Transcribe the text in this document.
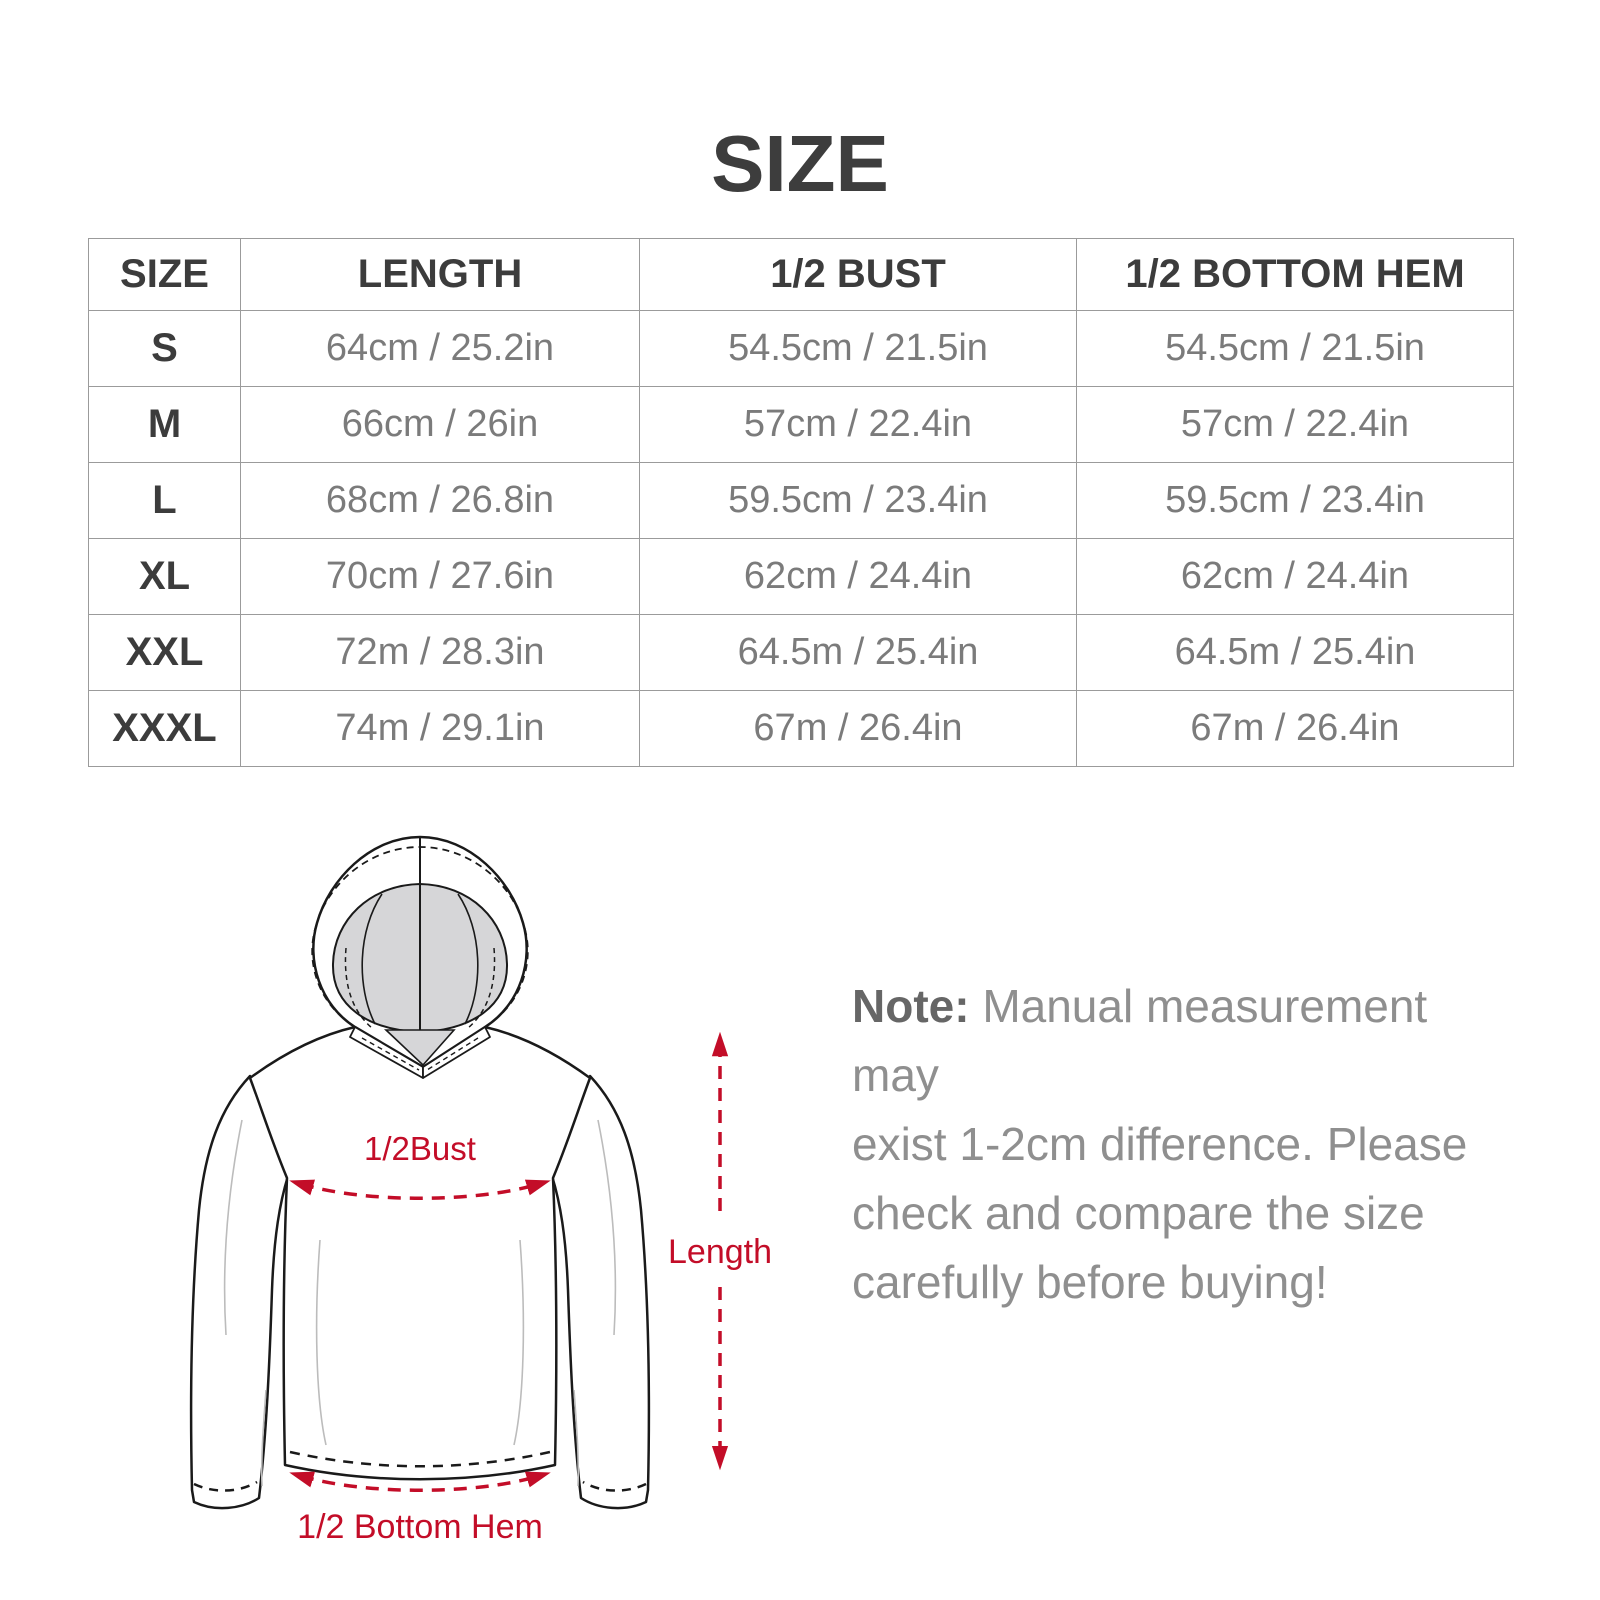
SIZE
SIZE	LENGTH	1/2 BUST	1/2 BOTTOM HEM
S	64cm / 25.2in	54.5cm / 21.5in	54.5cm / 21.5in
M	66cm / 26in	57cm / 22.4in	57cm / 22.4in
L	68cm / 26.8in	59.5cm / 23.4in	59.5cm / 23.4in
XL	70cm / 27.6in	62cm / 24.4in	62cm / 24.4in
XXL	72m / 28.3in	64.5m / 25.4in	64.5m / 25.4in
XXXL	74m / 29.1in	67m / 26.4in	67m / 26.4in
1/2Bust
Length
1/2 Bottom Hem
Note: Manual measurement may
exist 1-2cm difference. Please
check and compare the size
carefully before buying!
